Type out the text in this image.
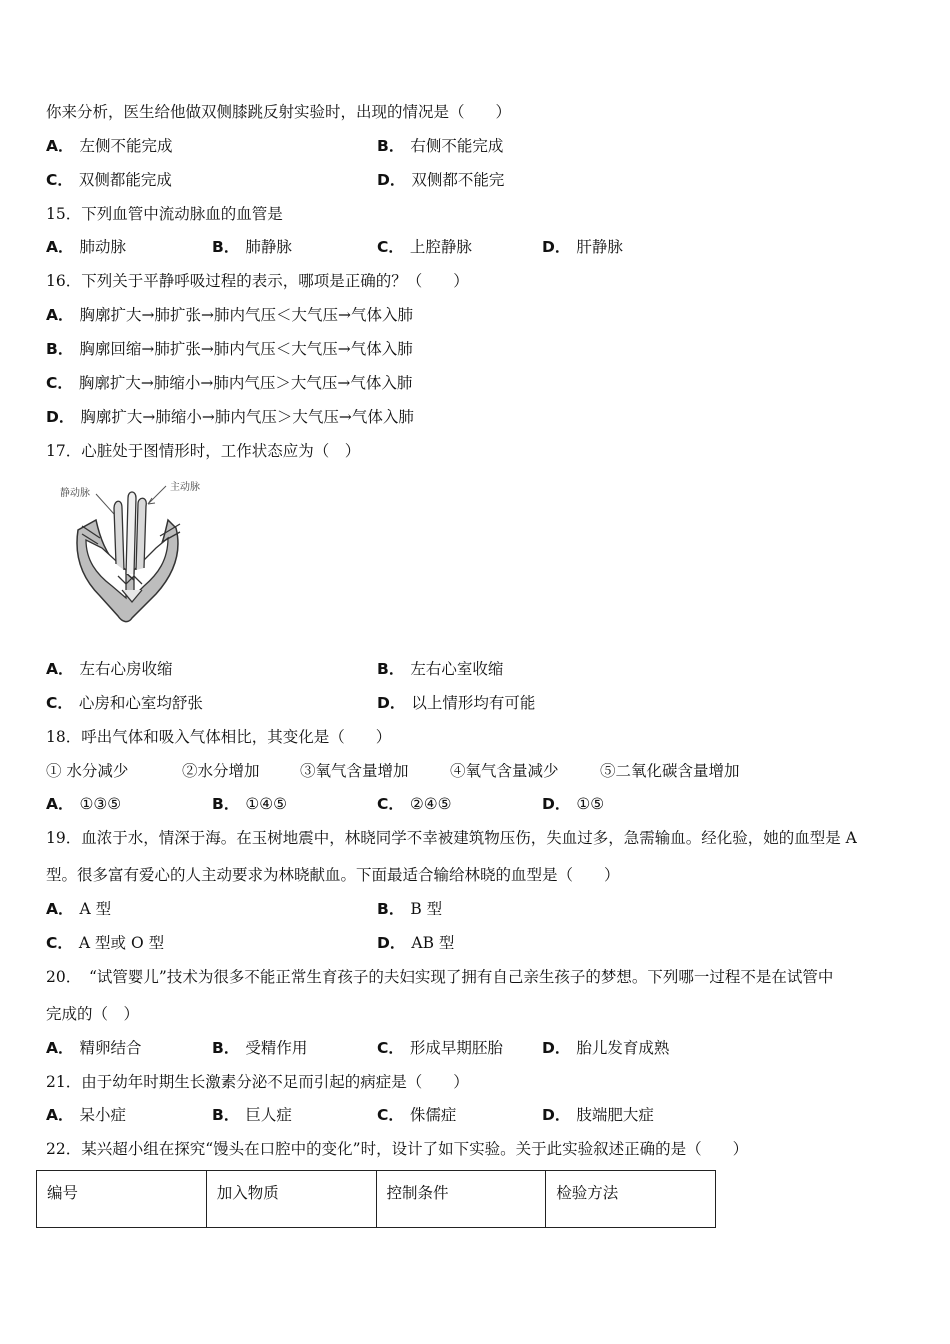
你来分析，医生给他做双侧膝跳反射实验时，出现的情况是（　　）
A． 左侧不能完成	B． 右侧不能完成
C． 双侧都能完成	D． 双侧都不能完
15．下列血管中流动脉血的血管是
A． 肺动脉	B． 肺静脉	C． 上腔静脉	D． 肝静脉
16．下列关于平静呼吸过程的表示，哪项是正确的？（　　）
A． 胸廓扩大→肺扩张→肺内气压＜大气压→气体入肺
B． 胸廓回缩→肺扩张→肺内气压＜大气压→气体入肺
C． 胸廓扩大→肺缩小→肺内气压＞大气压→气体入肺
D． 胸廓扩大→肺缩小→肺内气压＞大气压→气体入肺
17．心脏处于图情形时，工作状态应为（　）
静动脉
主动脉
A． 左右心房收缩	B． 左右心室收缩
C． 心房和心室均舒张	D． 以上情形均有可能
18．呼出气体和吸入气体相比，其变化是（　　）
① 水分减少	②水分增加	③氧气含量增加	④氧气含量减少	⑤二氧化碳含量增加
A． ①③⑤	B． ①④⑤	C． ②④⑤	D． ①⑤
19．血浓于水，情深于海。在玉树地震中，林晓同学不幸被建筑物压伤，失血过多，急需输血。经化验，她的血型是 A
型。很多富有爱心的人主动要求为林晓献血。下面最适合输给林晓的血型是（　　）
A． A 型	B． B 型
C． A 型或 O 型	D． AB 型
20．　“试管婴儿”技术为很多不能正常生育孩子的夫妇实现了拥有自己亲生孩子的梦想。下列哪一过程不是在试管中
完成的（　）
A． 精卵结合	B． 受精作用	C． 形成早期胚胎	D． 胎儿发育成熟
21．由于幼年时期生长激素分泌不足而引起的病症是（　　）
A． 呆小症	B． 巨人症	C． 侏儒症	D． 肢端肥大症
22．某兴超小组在探究“馒头在口腔中的变化”时，设计了如下实验。关于此实验叙述正确的是（　　）
编号	加入物质	控制条件	检验方法
